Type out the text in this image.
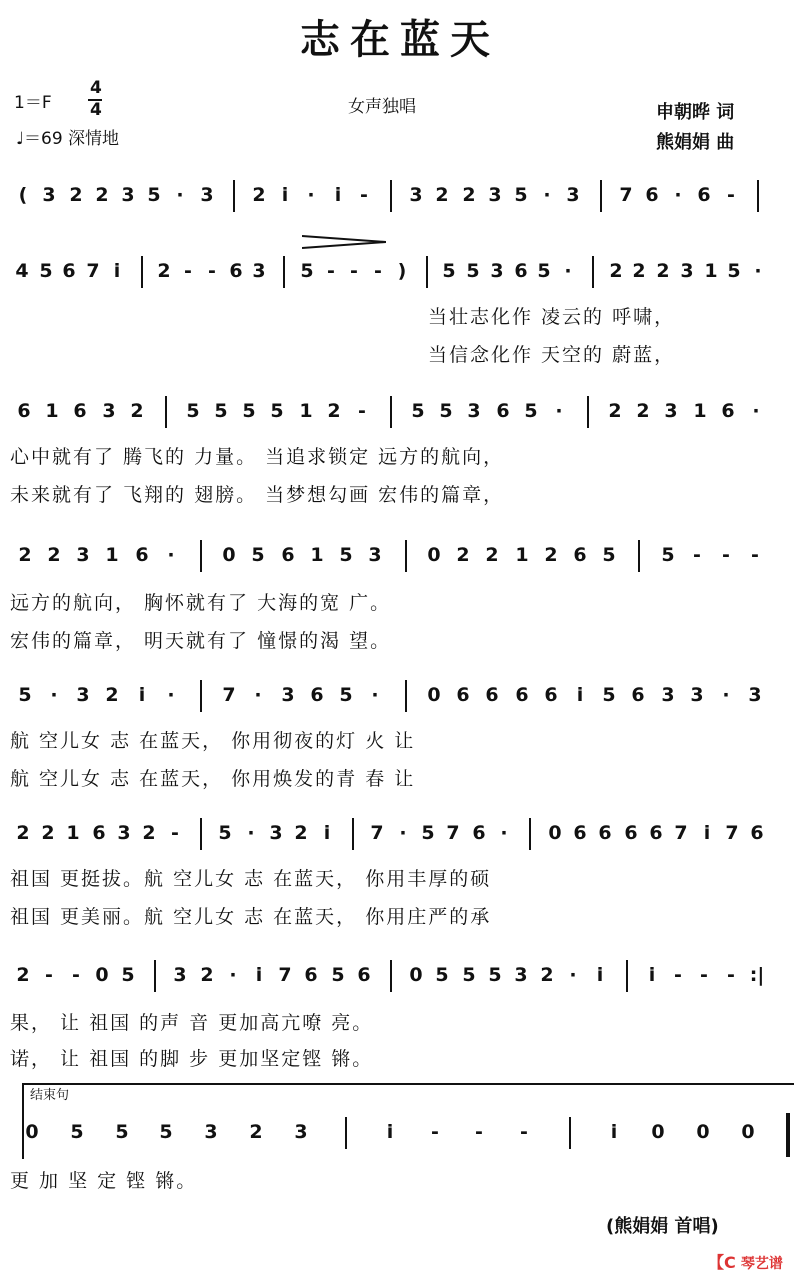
志在蓝天
1＝F
4
4
♩＝69 深情地
女声独唱	申朝晔 词
熊娟娟 曲
( 3 2 2 3 5 · 3 2 i	·	i -	3 2 2 3 5 · 3 7 6 · 6 -
4 5 6 7 i	2 - - 6 3 5 - - - )	5 5 3 6 5 ·	2 2 2 3 1 5 ·
当壮志化作 凌云的 呼啸，
当信念化作 天空的 蔚蓝，
6 1 6 3 2 5 5 5 5 1 2 -	5 5 3 6 5 ·	2 2 3 1 6 ·
心中就有了 腾飞的 力量。 当追求锁定 远方的航向，
未来就有了 飞翔的 翅膀。 当梦想勾画 宏伟的篇章，
2 2 3 1 6 ·	0 5 6 1 5 3 0 2 2 1 2 6 5 5 -	-	-
远方的航向， 胸怀就有了 大海的宽 广。
宏伟的篇章， 明天就有了 憧憬的渴 望。
5 · 3 2	i	·	7 ·	3 6 5 ·	0 6 6 6 6	i	5 6 3 3 · 3
航 空儿女 志 在蓝天， 你用彻夜的灯 火 让
航 空儿女 志 在蓝天， 你用焕发的青 春 让
2 2 1 6 3 2 -	5 · 3 2 i	7 · 5 7 6 ·	0 6 6 6 6 7 i 7 6
祖国 更挺拔。航 空儿女 志 在蓝天， 你用丰厚的硕
祖国 更美丽。航 空儿女 志 在蓝天， 你用庄严的承
2 -	- 0 5 3 2 ·	i 7 6 5 6 0 5 5 5 3 2 ·	i	i - -	- :|
果， 让 祖国 的声 音 更加高亢嘹 亮。
诺， 让 祖国 的脚 步 更加坚定铿 锵。
结束句
0 5 5 5 3 2 3	i	-	-	-	i	0 0 0
更 加 坚 定 铿 锵。
(熊娟娟 首唱)
【C 琴艺谱
